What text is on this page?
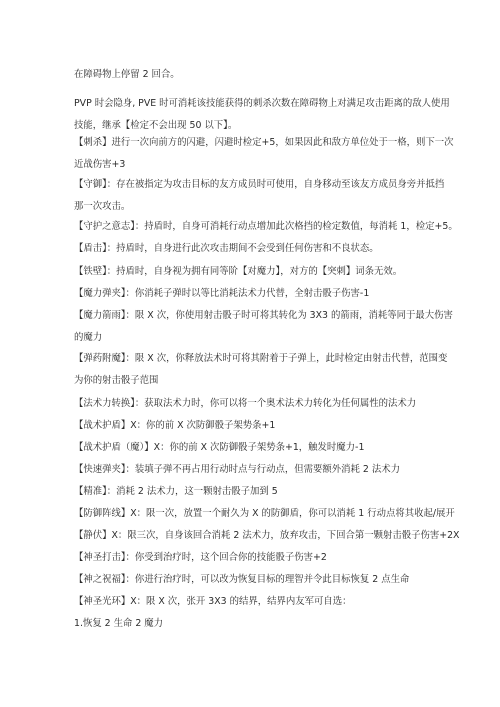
在障碍物上停留 2 回合。
PVP 时会隐身, PVE 时可消耗该技能获得的刺杀次数在障碍物上对满足攻击距离的敌人使用
技能，继承【检定不会出现 50 以下】。
【刺杀】进行一次向前方的闪避，闪避时检定+5，如果因此和敌方单位处于一格，则下一次
近战伤害+3
【守御】：存在被指定为攻击目标的友方成员时可使用，自身移动至该友方成员身旁并抵挡
那一次攻击。
【守护之意志】：持盾时，自身可消耗行动点增加此次格挡的检定数值，每消耗 1，检定+5。
【盾击】：持盾时，自身进行此次攻击期间不会受到任何伤害和不良状态。
【铁壁】：持盾时，自身视为拥有同等阶【对魔力】，对方的【突刺】词条无效。
【魔力弹夹】：你消耗子弹时以等比消耗法术力代替，全射击骰子伤害-1
【魔力箭雨】：限 X 次，你使用射击骰子时可将其转化为 3X3 的箭雨，消耗等同于最大伤害
的魔力
【弹药附魔】：限 X 次，你释放法术时可将其附着于子弹上，此时检定由射击代替，范围变
为你的射击骰子范围
【法术力转换】：获取法术力时，你可以将一个奥术法术力转化为任何属性的法术力
【战术护盾】X：你的前 X 次防御骰子架势条+1
【战术护盾（魔）】X：你的前 X 次防御骰子架势条+1，触发时魔力-1
【快速弹夹】：装填子弹不再占用行动时点与行动点，但需要额外消耗 2 法术力
【精准】：消耗 2 法术力，这一颗射击骰子加到 5
【防御阵线】X：限一次，放置一个耐久为 X 的防御盾，你可以消耗 1 行动点将其收起/展开
【静伏】X：限三次，自身该回合消耗 2 法术力，放弃攻击，下回合第一颗射击骰子伤害+2X
【神圣打击】：你受到治疗时，这个回合你的技能骰子伤害+2
【神之祝福】：你进行治疗时，可以改为恢复目标的理智并令此目标恢复 2 点生命
【神圣光环】X：限 X 次，张开 3X3 的结界，结界内友军可自选：
1.恢复 2 生命 2 魔力
